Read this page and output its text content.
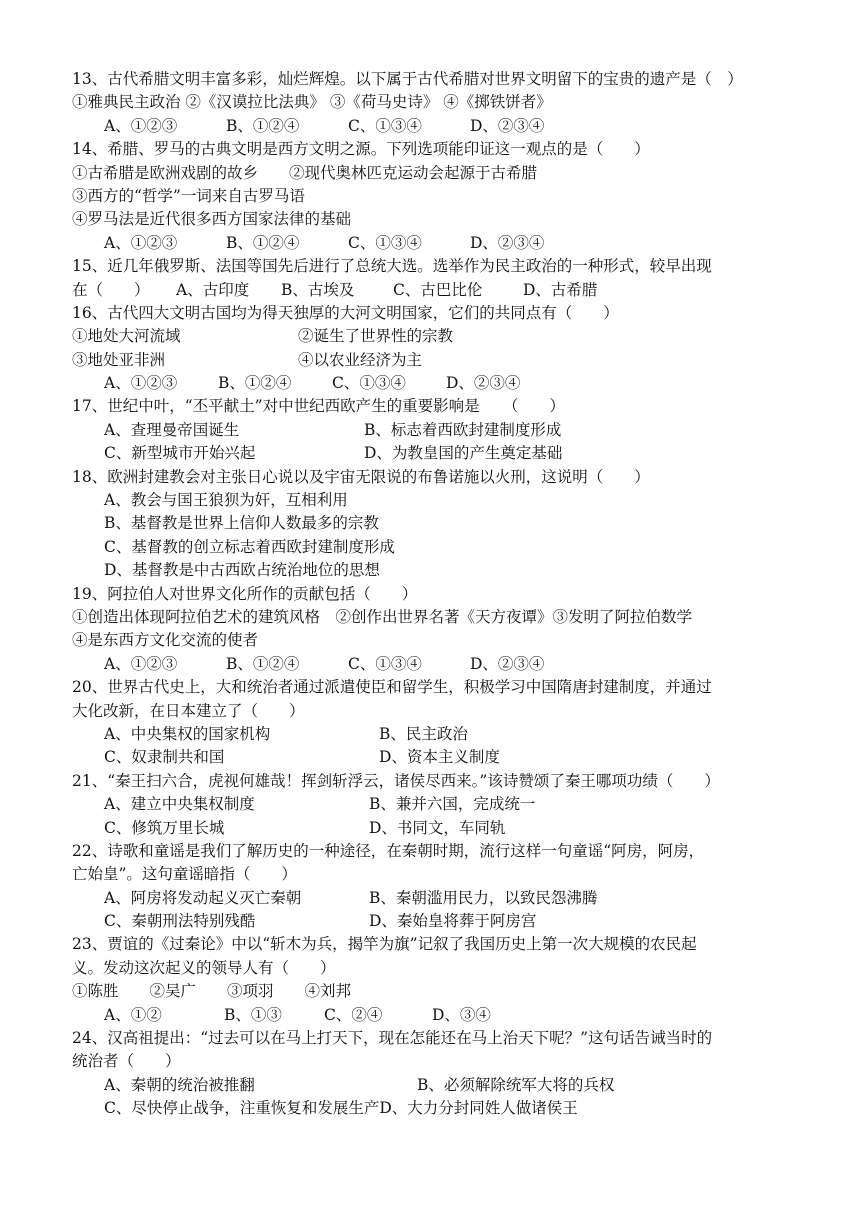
13、古代希腊文明丰富多彩，灿烂辉煌。以下属于古代希腊对世界文明留下的宝贵的遗产是（　）
①雅典民主政治 ②《汉谟拉比法典》 ③《荷马史诗》 ④《掷铁饼者》
A、①②③	B、①②④	C、①③④	D、②③④
14、希腊、罗马的古典文明是西方文明之源。下列选项能印证这一观点的是（　　）
①古希腊是欧洲戏剧的故乡　　②现代奥林匹克运动会起源于古希腊
③西方的“哲学”一词来自古罗马语
④罗马法是近代很多西方国家法律的基础
A、①②③	B、①②④	C、①③④	D、②③④
15、近几年俄罗斯、法国等国先后进行了总统大选。选举作为民主政治的一种形式，较早出现
在（　　） A、古印度	B、古埃及	C、古巴比伦	D、古希腊
16、古代四大文明古国均为得天独厚的大河文明国家，它们的共同点有（　　）
①地处大河流域	②诞生了世界性的宗教
③地处亚非洲	④以农业经济为主
A、①②③	B、①②④	C、①③④	D、②③④
17、世纪中叶，“丕平献土”对中世纪西欧产生的重要影响是　　（　　）
A、查理曼帝国诞生	B、标志着西欧封建制度形成
C、新型城市开始兴起	D、为教皇国的产生奠定基础
18、欧洲封建教会对主张日心说以及宇宙无限说的布鲁诺施以火刑，这说明（　　）
A、教会与国王狼狈为奸，互相利用
B、基督教是世界上信仰人数最多的宗教
C、基督教的创立标志着西欧封建制度形成
D、基督教是中古西欧占统治地位的思想
19、阿拉伯人对世界文化所作的贡献包括（　　）
①创造出体现阿拉伯艺术的建筑风格　②创作出世界名著《天方夜谭》③发明了阿拉伯数学
④是东西方文化交流的使者
A、①②③	B、①②④	C、①③④	D、②③④
20、世界古代史上，大和统治者通过派遣使臣和留学生，积极学习中国隋唐封建制度，并通过
大化改新，在日本建立了（　　）
A、中央集权的国家机构	B、民主政治
C、奴隶制共和国	D、资本主义制度
21、“秦王扫六合，虎视何雄哉！挥剑斩浮云，诸侯尽西来。”该诗赞颂了秦王哪项功绩（　　）
A、建立中央集权制度	B、兼并六国，完成统一
C、修筑万里长城	D、书同文，车同轨
22、诗歌和童谣是我们了解历史的一种途径，在秦朝时期，流行这样一句童谣“阿房，阿房，
亡始皇”。这句童谣暗指（　　）
A、阿房将发动起义灭亡秦朝	B、秦朝滥用民力，以致民怨沸腾
C、秦朝刑法特别残酷	D、秦始皇将葬于阿房宫
23、贾谊的《过秦论》中以“斩木为兵，揭竿为旗”记叙了我国历史上第一次大规模的农民起
义。发动这次起义的领导人有（　　）
①陈胜　　②吴广　　③项羽　　④刘邦
A、①②	B、①③	C、②④	D、③④
24、汉高祖提出：“过去可以在马上打天下，现在怎能还在马上治天下呢？”这句话告诫当时的
统治者（　　）
A、秦朝的统治被推翻	B、必须解除统军大将的兵权
C、尽快停止战争，注重恢复和发展生产 D、大力分封同姓人做诸侯王
